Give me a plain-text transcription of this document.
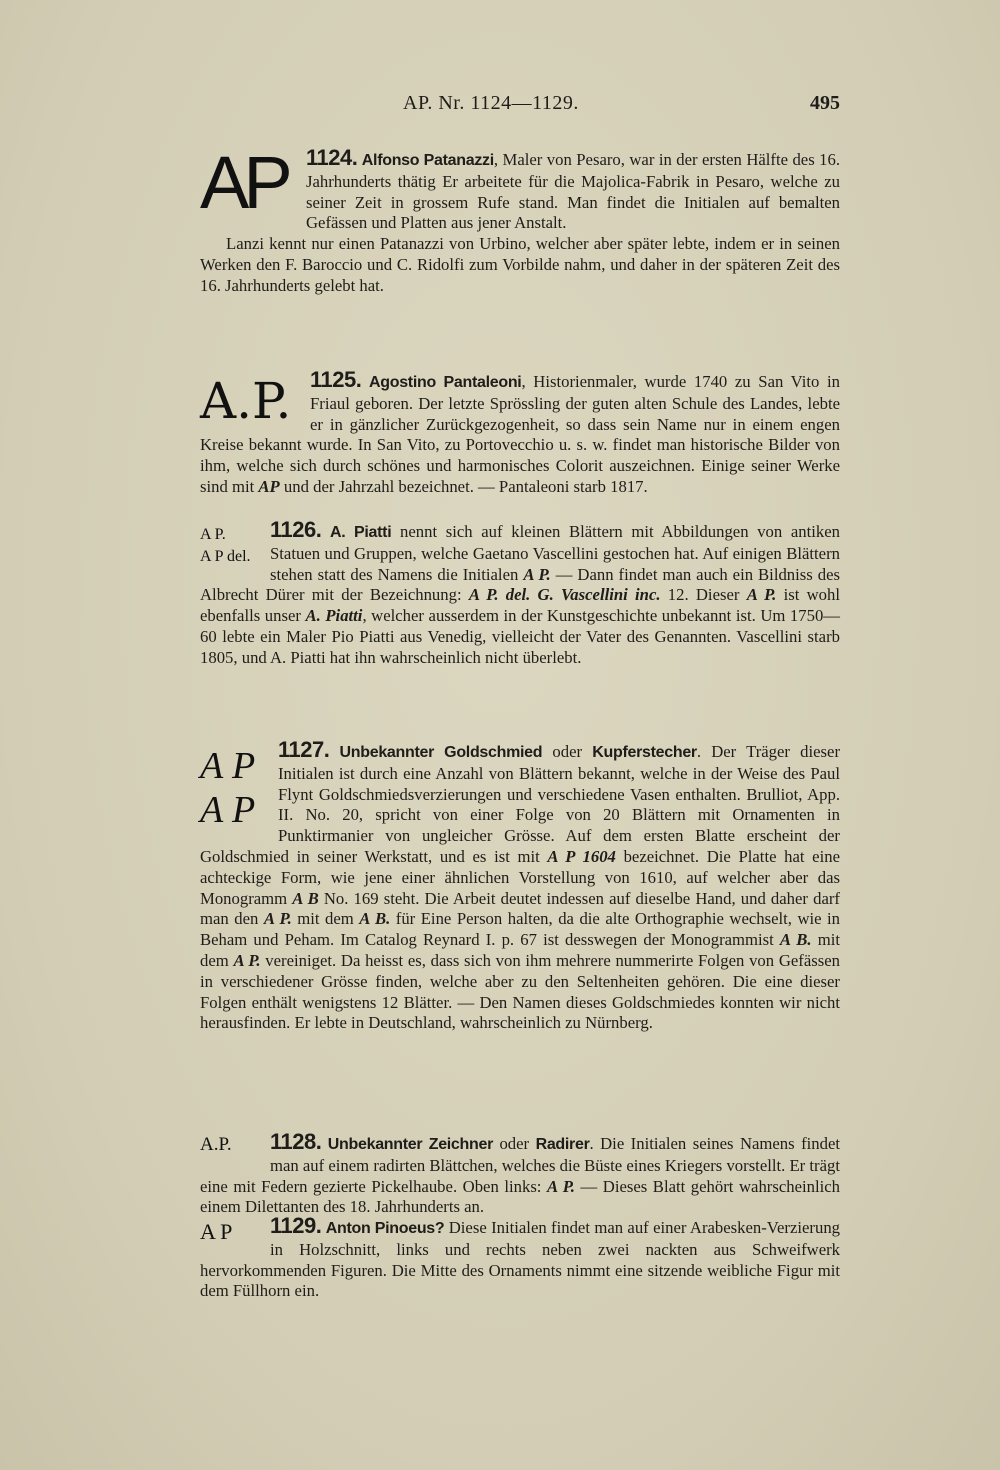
AP. Nr. 1124—1129.	495

AP 1124. Alfonso Patanazzi, Maler von Pesaro, war in der ersten Hälfte des 16. Jahrhunderts thätig Er arbeitete für die Majolica-Fabrik in Pesaro, welche zu seiner Zeit in grossem Rufe stand. Man findet die Initialen auf bemalten Gefässen und Platten aus jener Anstalt.

Lanzi kennt nur einen Patanazzi von Urbino, welcher aber später lebte, indem er in seinen Werken den F. Baroccio und C. Ridolfi zum Vorbilde nahm, und daher in der späteren Zeit des 16. Jahrhunderts gelebt hat.

A.P. 1125. Agostino Pantaleoni, Historienmaler, wurde 1740 zu San Vito in Friaul geboren. Der letzte Sprössling der guten alten Schule des Landes, lebte er in gänzlicher Zurückgezogenheit, so dass sein Name nur in einem engen Kreise bekannt wurde. In San Vito, zu Portovecchio u. s. w. findet man historische Bilder von ihm, welche sich durch schönes und harmonisches Colorit auszeichnen. Einige seiner Werke sind mit AP und der Jahrzahl bezeichnet. — Pantaleoni starb 1817.

A P.
A P del.
1126. A. Piatti nennt sich auf kleinen Blättern mit Abbildungen von antiken Statuen und Gruppen, welche Gaetano Vascellini gestochen hat. Auf einigen Blättern stehen statt des Namens die Initialen A P. — Dann findet man auch ein Bildniss des Albrecht Dürer mit der Bezeichnung: A P. del. G. Vascellini inc. 12. Dieser A P. ist wohl ebenfalls unser A. Piatti, welcher ausserdem in der Kunstgeschichte unbekannt ist. Um 1750—60 lebte ein Maler Pio Piatti aus Venedig, vielleicht der Vater des Genannten. Vascellini starb 1805, und A. Piatti hat ihn wahrscheinlich nicht überlebt.

A P
A P
1127. Unbekannter Goldschmied oder Kupferstecher. Der Träger dieser Initialen ist durch eine Anzahl von Blättern bekannt, welche in der Weise des Paul Flynt Goldschmiedsverzierungen und verschiedene Vasen enthalten. Brulliot, App. II. No. 20, spricht von einer Folge von 20 Blättern mit Ornamenten in Punktirmanier von ungleicher Grösse. Auf dem ersten Blatte erscheint der Goldschmied in seiner Werkstatt, und es ist mit A P 1604 bezeichnet. Die Platte hat eine achteckige Form, wie jene einer ähnlichen Vorstellung von 1610, auf welcher aber das Monogramm A B No. 169 steht. Die Arbeit deutet indessen auf dieselbe Hand, und daher darf man den A P. mit dem A B. für Eine Person halten, da die alte Orthographie wechselt, wie in Beham und Peham. Im Catalog Reynard I. p. 67 ist desswegen der Monogrammist A B. mit dem A P. vereiniget. Da heisst es, dass sich von ihm mehrere nummerirte Folgen von Gefässen in verschiedener Grösse finden, welche aber zu den Seltenheiten gehören. Die eine dieser Folgen enthält wenigstens 12 Blätter. — Den Namen dieses Goldschmiedes konnten wir nicht herausfinden. Er lebte in Deutschland, wahrscheinlich zu Nürnberg.

A.P.	1128. Unbekannter Zeichner oder Radirer. Die Initialen seines Namens findet man auf einem radirten Blättchen, welches die Büste eines Kriegers vorstellt. Er trägt eine mit Federn gezierte Pickelhaube. Oben links: A P. — Dieses Blatt gehört wahrscheinlich einem Dilettanten des 18. Jahrhunderts an.

A P	1129. Anton Pinoeus? Diese Initialen findet man auf einer Arabesken-Verzierung in Holzschnitt, links und rechts neben zwei nackten aus Schweifwerk hervorkommenden Figuren. Die Mitte des Ornaments nimmt eine sitzende weibliche Figur mit dem Füllhorn ein.
